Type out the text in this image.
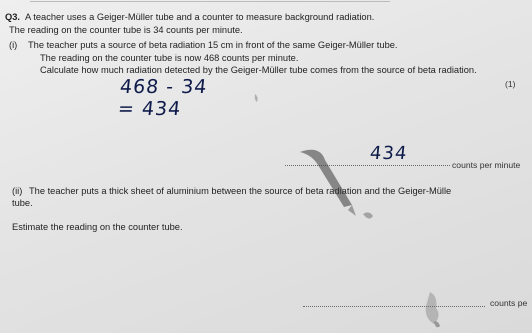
Q3. A teacher uses a Geiger-Müller tube and a counter to measure background radiation.
The reading on the counter tube is 34 counts per minute.
(i) The teacher puts a source of beta radiation 15 cm in front of the same Geiger-Müller tube.
The reading on the counter tube is now 468 counts per minute.
Calculate how much radiation detected by the Geiger-Müller tube comes from the source of beta radiation.
(1)
468 - 34
= 434
434
counts per minute
(ii) The teacher puts a thick sheet of aluminium between the source of beta radiation and the Geiger-Mülle
tube.
Estimate the reading on the counter tube.
counts pe
